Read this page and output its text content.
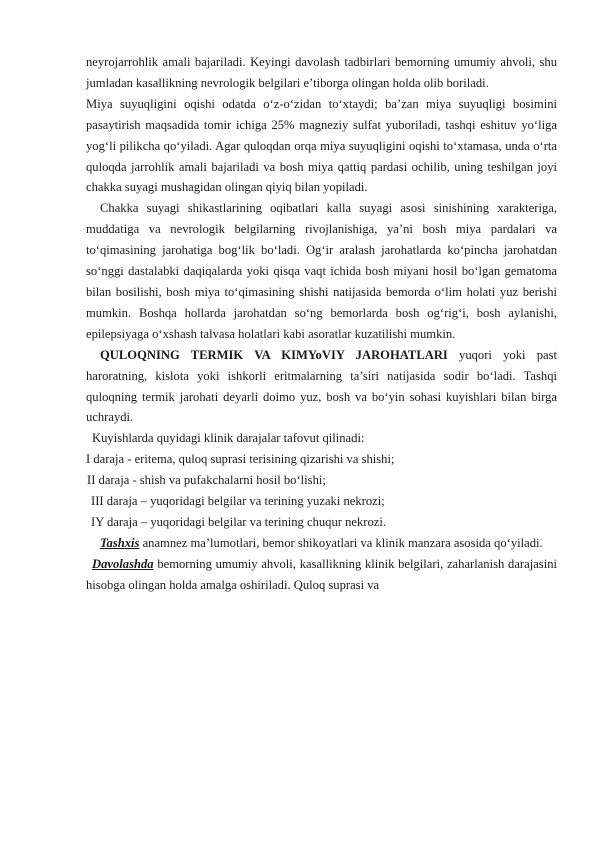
neyrojarrohlik amali bajariladi. Keyingi davolash tadbirlari bemorning umumiy ahvoli, shu jumladan kasallikning nevrologik belgilari e’tiborga olingan holda olib boriladi.

Miya suyuqligini oqishi odatda o‘z-o‘zidan to‘xtaydi; ba’zan miya suyuqligi bosimini pasaytirish maqsadida tomir ichiga 25% magneziy sulfat yuboriladi, tashqi eshituv yo‘liga yog‘li pilikcha qo‘yiladi. Agar quloqdan orqa miya suyuqligini oqishi to‘xtamasa, unda o‘rta quloqda jarrohlik amali bajariladi va bosh miya qattiq pardasi ochilib, uning teshilgan joyi chakka suyagi mushagidan olingan qiyiq bilan yopiladi.

Chakka suyagi shikastlarining oqibatlari kalla suyagi asosi sinishining xarakteriga, muddatiga va nevrologik belgilarning rivojlanishiga, ya’ni bosh miya pardalari va to‘qimasining jarohatiga bog‘lik bo‘ladi. Og‘ir aralash jarohatlarda ko‘pincha jarohatdan so‘nggi dastalabki daqiqalarda yoki qisqa vaqt ichida bosh miyani hosil bo‘lgan gematoma bilan bosilishi, bosh miya to‘qimasining shishi natijasida bemorda o‘lim holati yuz berishi mumkin. Boshqa hollarda jarohatdan so‘ng bemorlarda bosh og‘rig‘i, bosh aylanishi, epilepsiyaga o‘xshash talvasa holatlari kabi asoratlar kuzatilishi mumkin.

QULOQNING TERMIK VA KIMYoVIY JAROHATLARI yuqori yoki past haroratning, kislota yoki ishkorli eritmalarning ta’siri natijasida sodir bo‘ladi. Tashqi quloqning termik jarohati deyarli doimo yuz, bosh va bo‘yin sohasi kuyishlari bilan birga uchraydi.

Kuyishlarda quyidagi klinik darajalar tafovut qilinadi:

I daraja - eritema, quloq suprasi terisining qizarishi va shishi;

II daraja - shish va pufakchalarni hosil bo‘lishi;

III daraja – yuqoridagi belgilar va terining yuzaki nekrozi;

IY daraja – yuqoridagi belgilar va terining chuqur nekrozi.

Tashxis anamnez ma’lumotlari, bemor shikoyatlari va klinik manzara asosida qo‘yiladi.

Davolashda bemorning umumiy ahvoli, kasallikning klinik belgilari, zaharlanish darajasini hisobga olingan holda amalga oshiriladi. Quloq suprasi va
